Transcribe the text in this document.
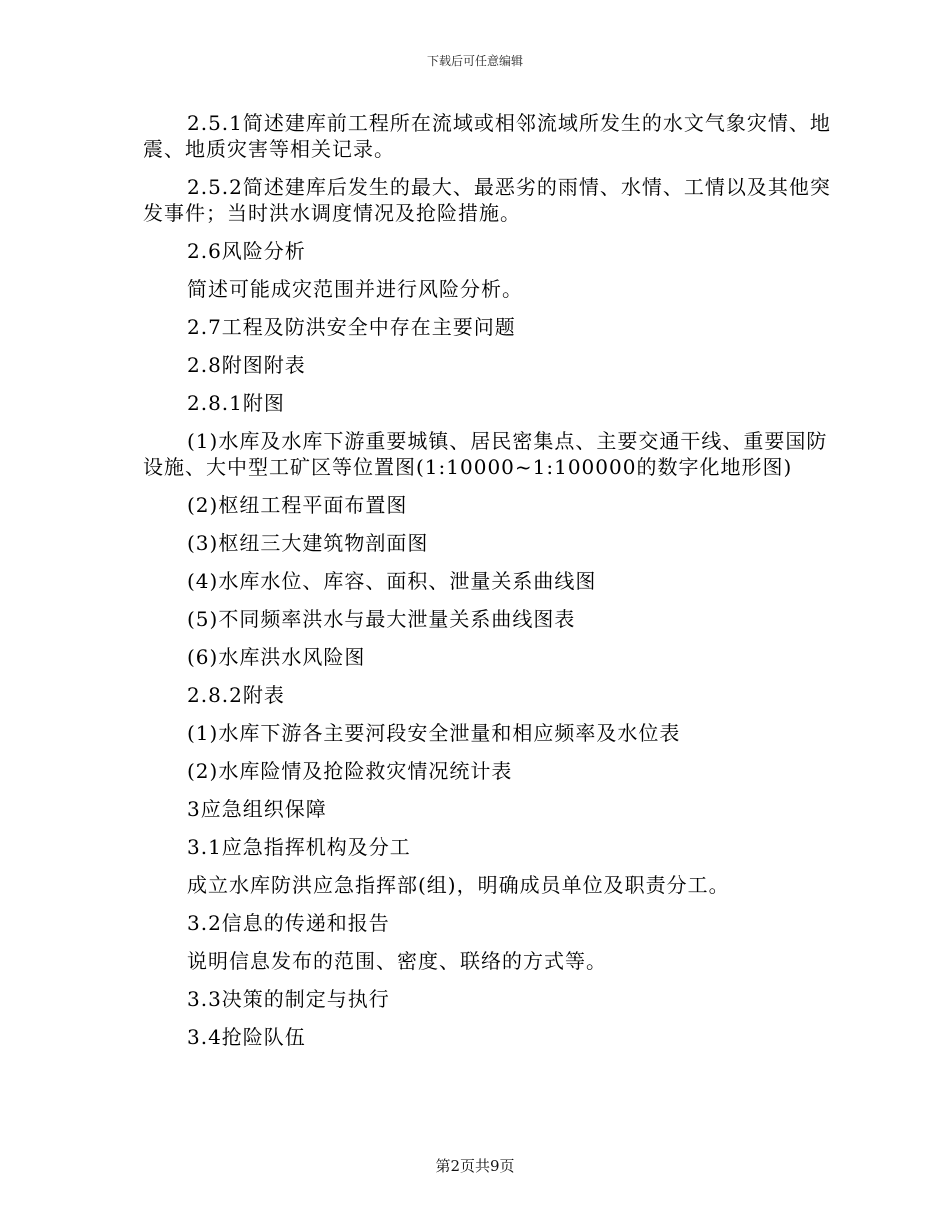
下载后可任意编辑

2.5.1简述建库前工程所在流域或相邻流域所发生的水文气象灾情、地震、地质灾害等相关记录。

2.5.2简述建库后发生的最大、最恶劣的雨情、水情、工情以及其他突发事件；当时洪水调度情况及抢险措施。

2.6风险分析

简述可能成灾范围并进行风险分析。

2.7工程及防洪安全中存在主要问题

2.8附图附表

2.8.1附图

(1)水库及水库下游重要城镇、居民密集点、主要交通干线、重要国防设施、大中型工矿区等位置图(1:10000~1:100000的数字化地形图)

(2)枢纽工程平面布置图

(3)枢纽三大建筑物剖面图

(4)水库水位、库容、面积、泄量关系曲线图

(5)不同频率洪水与最大泄量关系曲线图表

(6)水库洪水风险图

2.8.2附表

(1)水库下游各主要河段安全泄量和相应频率及水位表

(2)水库险情及抢险救灾情况统计表

3应急组织保障

3.1应急指挥机构及分工

成立水库防洪应急指挥部(组)，明确成员单位及职责分工。

3.2信息的传递和报告

说明信息发布的范围、密度、联络的方式等。

3.3决策的制定与执行

3.4抢险队伍

第2页共9页
